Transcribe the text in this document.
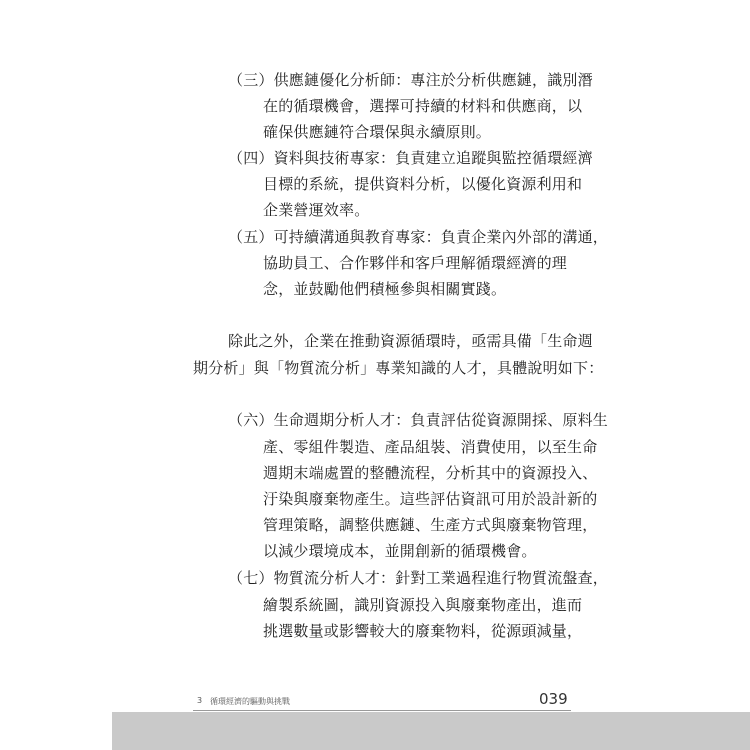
（三）供應鏈優化分析師：專注於分析供應鏈，識別潛
在的循環機會，選擇可持續的材料和供應商，以
確保供應鏈符合環保與永續原則。
（四）資料與技術專家：負責建立追蹤與監控循環經濟
目標的系統，提供資料分析，以優化資源利用和
企業營運效率。
（五）可持續溝通與教育專家：負責企業內外部的溝通，
協助員工、合作夥伴和客戶理解循環經濟的理
念，並鼓勵他們積極參與相關實踐。
除此之外，企業在推動資源循環時，亟需具備「生命週
期分析」與「物質流分析」專業知識的人才，具體說明如下：
（六）生命週期分析人才：負責評估從資源開採、原料生
產、零組件製造、產品組裝、消費使用，以至生命
週期末端處置的整體流程，分析其中的資源投入、
汙染與廢棄物產生。這些評估資訊可用於設計新的
管理策略，調整供應鏈、生產方式與廢棄物管理，
以減少環境成本，並開創新的循環機會。
（七）物質流分析人才：針對工業過程進行物質流盤查，
繪製系統圖，識別資源投入與廢棄物產出，進而
挑選數量或影響較大的廢棄物料，從源頭減量，
3 循環經濟的驅動與挑戰	039
